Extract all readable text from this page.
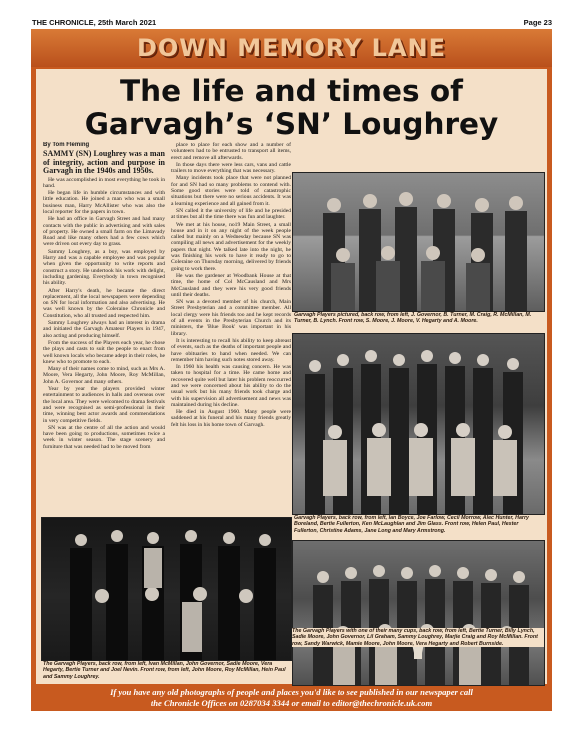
THE CHRONICLE, 25th March 2021	Page 23
DOWN MEMORY LANE
The life and times of
Garvagh’s ‘SN’ Loughrey

By Tom Fleming

SAMMY (SN) Loughrey was a man of integrity, action and purpose in Garvagh in the 1940s and 1950s.

He was accomplished in most everything he took in hand.

He began life in humble circumstances and with little education. He joined a man who was a small business man, Harry McAllister who was also the local reporter for the papers in town.

He had an office in Garvagh Street and had many contacts with the public in advertising and with sales of property. He owned a small farm on the Limavady Road and like many others had a few cows which were driven out every day to grass.

Sammy Loughrey, as a boy, was employed by Harry and was a capable employee and was popular when given the opportunity to write reports and construct a story. He undertook his work with delight, including gardening. Everybody in town recognised his ability.

After Harry's death, he became the direct replacement, all the local newspapers were depending on SN for local information and also advertising. He was well known by the Coleraine Chronicle and Constitution, who all trusted and respected him.

Sammy Loughrey always had an interest in drama and initiated the Garvagh Amateur Players in 1947, also acting and producing himself.

From the success of the Players each year, he chose the plays and casts to suit the people to enact from well known locals who became adept in their roles, he knew who to promote to each.

Many of their names come to mind, such as Mrs A. Moore, Vera Hegarty, John Moore, Roy McMillan, John A. Governor and many others.

Year by year the players provided winter entertainment to audiences in halls and overseas over the local area. They were welcomed to drama festivals and were recognised as semi-professional in their time, winning best actor awards and commendations in very competitive fields.

SN was at the centre of all the action and would have been going to productions, sometimes twice a week in winter season. The stage scenery and furniture that was needed had to be moved from

place to place for each show and a number of volunteers had to be entrusted to transport all items, erect and remove all afterwards.

In those days there were less cars, vans and cattle trailers to move everything that was necessary.

Many incidents took place that were not planned for and SN had so many problems to contend with. Some good stories were told of catastrophic situations but there were no serious accidents. It was a learning experience and all gained from it.

SN called it the university of life and he presided at times but all the time there was fun and laughter.

We met at his house, no19 Main Street, a small house and in it on any night of the week people called but mainly on a Wednesday because SN was compiling all news and advertisement for the weekly papers that night. We talked late into the night, he was finishing his work to have it ready to go to Coleraine on Thursday morning, delivered by friends going to work there.

He was the gardener at Woodbank House at that time, the home of Col McCausland and Mrs McCausland and they were his very good friends until their deaths.

SN was a devoted member of his church, Main Street Presbyterian and a committee member. All local clergy were his friends too and he kept records of all events in the Presbyterian Church and its ministers, the 'Blue Book' was important in his library.

It is interesting to recall his ability to keep abreast of events, such as the deaths of important people and have obituaries to hand when needed. We can remember him having such notes stored away.

In 1960 his health was causing concern. He was taken to hospital for a time. He came home and recovered quite well but later his problem reoccurred and we were concerned about his ability to do the usual work but his many friends took charge and with his supervision all advertisement and news was maintained during his decline.

He died in August 1960. Many people were saddened at his funeral and his many friends greatly felt his loss in his home town of Garvagh.

Garvagh Players pictured, back row, from left, J. Governor, B. Turner, M. Craig, R. McMillan, M. Turner, B. Lynch. Front row, S. Moore, J. Moore, V. Hegarty and A. Moore.
Garvagh Players, back row, from left, Ian Boyce, Joe Farlow, Cecil Morrow, Alec Hunter, Harry Boreland, Bertie Fullerton, Ken McLaughlan and Jim Glass. Front row, Helen Paul, Hester Fullerton, Christine Adams, Jane Long and Mary Armstrong.
The Garvagh Players, back row, from left, Ivan McMillan, John Governor, Sadie Moore, Vera Hegarty, Bertie Turner and Joel Nevin. Front row, from left, John Moore, Roy McMillan, Hein Paul and Sammy Loughrey.
If you have any old photographs of people and places you'd like to see published in our newspaper call
the Chronicle Offices on 0287034 3344 or email to editor@thechronicle.uk.com
The Garvagh Players with one of their many cups, back row, from left, Bertie Turner, Billy Lynch, Sadie Moore, John Governor, Lil Graham, Sammy Loughrey, Marjie Craig and Roy McMillan. Front row, Sandy Warwick, Mamie Moore, John Moore, Vera Hegarty and Robert Burnside.
